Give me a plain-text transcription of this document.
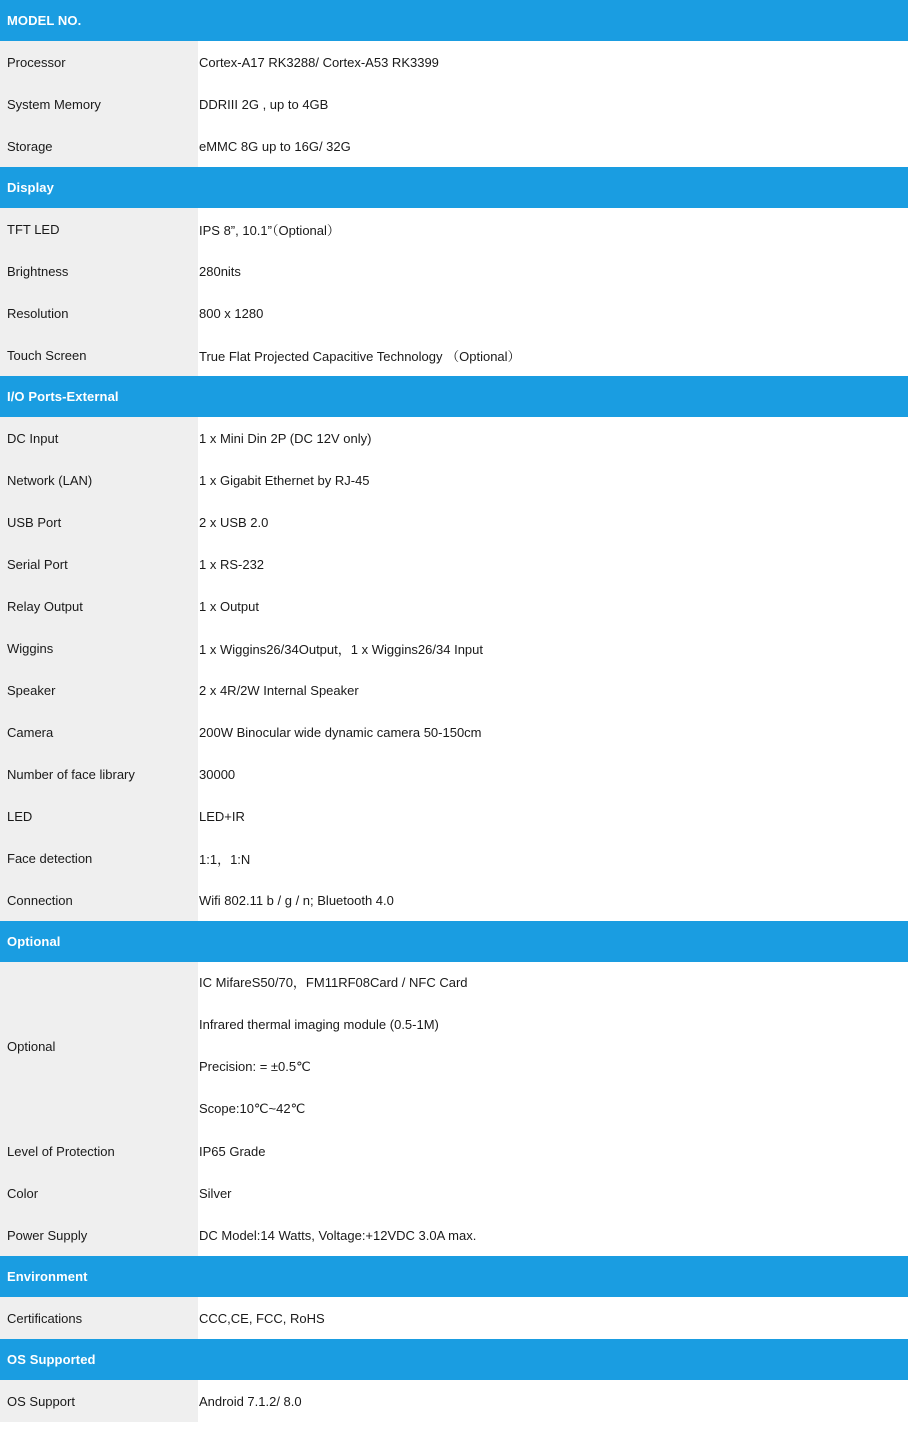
MODEL NO.	
Processor	Cortex-A17 RK3288/ Cortex-A53 RK3399
System Memory	DDRIII 2G , up to 4GB
Storage	eMMC 8G up to 16G/ 32G
Display	
TFT LED	IPS 8”, 10.1”（Optional）
Brightness	280nits
Resolution	800 x 1280
Touch Screen	True Flat Projected Capacitive Technology （Optional）
I/O Ports-External	
DC Input	1 x Mini Din 2P (DC 12V only)
Network (LAN)	1 x Gigabit Ethernet by RJ-45
USB Port	2 x USB 2.0
Serial Port	1 x RS-232
Relay Output	1 x Output
Wiggins	1 x Wiggins26/34Output，1 x Wiggins26/34 Input
Speaker	2 x 4R/2W Internal Speaker
Camera	200W Binocular wide dynamic camera 50-150cm
Number of face library	30000
LED	LED+IR
Face detection	1:1，1:N
Connection	Wifi 802.11 b / g / n; Bluetooth 4.0
Optional	
Optional	IC MifareS50/70，FM11RF08Card / NFC Card
Infrared thermal imaging module (0.5-1M)
Precision: = ±0.5℃
Scope:10℃~42℃

Level of Protection	IP65 Grade
Color	Silver
Power Supply	DC Model:14 Watts, Voltage:+12VDC 3.0A max.
Environment	
Certifications	CCC,CE, FCC, RoHS
OS Supported	
OS Support	Android 7.1.2/ 8.0
